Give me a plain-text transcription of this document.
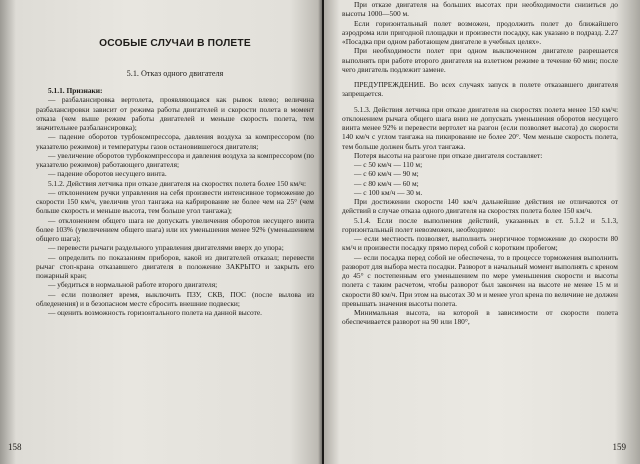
ОСОБЫЕ СЛУЧАИ В ПОЛЕТЕ

5.1. Отказ одного двигателя

5.1.1. Признаки:

— разбалансировка вертолета, проявляющаяся как рывок влево; величина разбалансировки зависит от режима работы двигателей и скорости полета в момент отказа (чем выше режим работы двигателей и меньше скорость полета, тем значительнее разбалансировка);

— падение оборотов турбокомпрессора, давления воздуха за компрессором (по указателю режимов) и температуры газов остановившегося двигателя;

— увеличение оборотов турбокомпрессора и давления воздуха за компрессором (по указателю режимов) работающего двигателя;

— падение оборотов несущего винта.

5.1.2. Действия летчика при отказе двигателя на скоростях полета более 150 км/ч:

— отклонением ручки управления на себя произвести интенсивное торможение до скорости 150 км/ч, увеличив угол тангажа на кабрирование не более чем на 25° (чем больше скорость и меньше высота, тем больше угол тангажа);

— отклонением общего шага не допускать увеличения оборотов несущего винта более 103% (увеличением общего шага) или их уменьшения менее 92% (уменьшением общего шага);

— перевести рычаги раздельного управления двигателями вверх до упора;

— определить по показаниям приборов, какой из двигателей отказал; перевести рычаг стоп-крана отказавшего двигателя в положение ЗАКРЫТО и закрыть его пожарный кран;

— убедиться в нормальной работе второго двигателя;

— если позволяет время, выключить ПЗУ, СКВ, ПОС (после вылова из обледенения) и в безопасном месте сбросить внешние подвески;

— оценить возможность горизонтального полета на данной высоте.

158

При отказе двигателя на больших высотах при необходимости снизиться до высоты 1000—500 м.

Если горизонтальный полет возможен, продолжить полет до ближайшего аэродрома или пригодной площадки и произвести посадку, как указано в подразд. 2.27 «Посадка при одном работающем двигателе в учебных целях».

При необходимости полет при одном выключенном двигателе разрешается выполнять при работе второго двигателя на взлетном режиме в течение 60 мин; после чего двигатель подлежит замене.

ПРЕДУПРЕЖДЕНИЕ. Во всех случаях запуск в полете отказавшего двигателя запрещается.

5.1.3. Действия летчика при отказе двигателя на скоростях полета менее 150 км/ч: отклонением рычага общего шага вниз не допускать уменьшения оборотов несущего винта менее 92% и перевести вертолет на разгон (если позволяет высота) до скорости 140 км/ч с углом тангажа на пикирование не более 20°. Чем меньше скорость полета, тем больше должен быть угол тангажа.

Потеря высоты на разгоне при отказе двигателя составляет:

— с 50 км/ч — 110 м;

— с 60 км/ч — 90 м;

— с 80 км/ч — 60 м;

— с 100 км/ч — 30 м.

При достижении скорости 140 км/ч дальнейшие действия не отличаются от действий в случае отказа одного двигателя на скоростях полета более 150 км/ч.

5.1.4. Если после выполнения действий, указанных в ст. 5.1.2 и 5.1.3, горизонтальный полет невозможен, необходимо:

— если местность позволяет, выполнить энергичное торможение до скорости 80 км/ч и произвести посадку прямо перед собой с коротким пробегом;

— если посадка перед собой не обеспечена, то в процессе торможения выполнить разворот для выбора места посадки. Разворот в начальный момент выполнять с креном до 45° с постепенным его уменьшением по мере уменьшения скорости и высоты полета с таким расчетом, чтобы разворот был закончен на высоте не менее 15 м и скорости 80 км/ч. При этом на высотах 30 м и менее угол крена по величине не должен превышать значения высоты полета.

Минимальная высота, на которой в зависимости от скорости полета обеспечивается разворот на 90 или 180°,

159
